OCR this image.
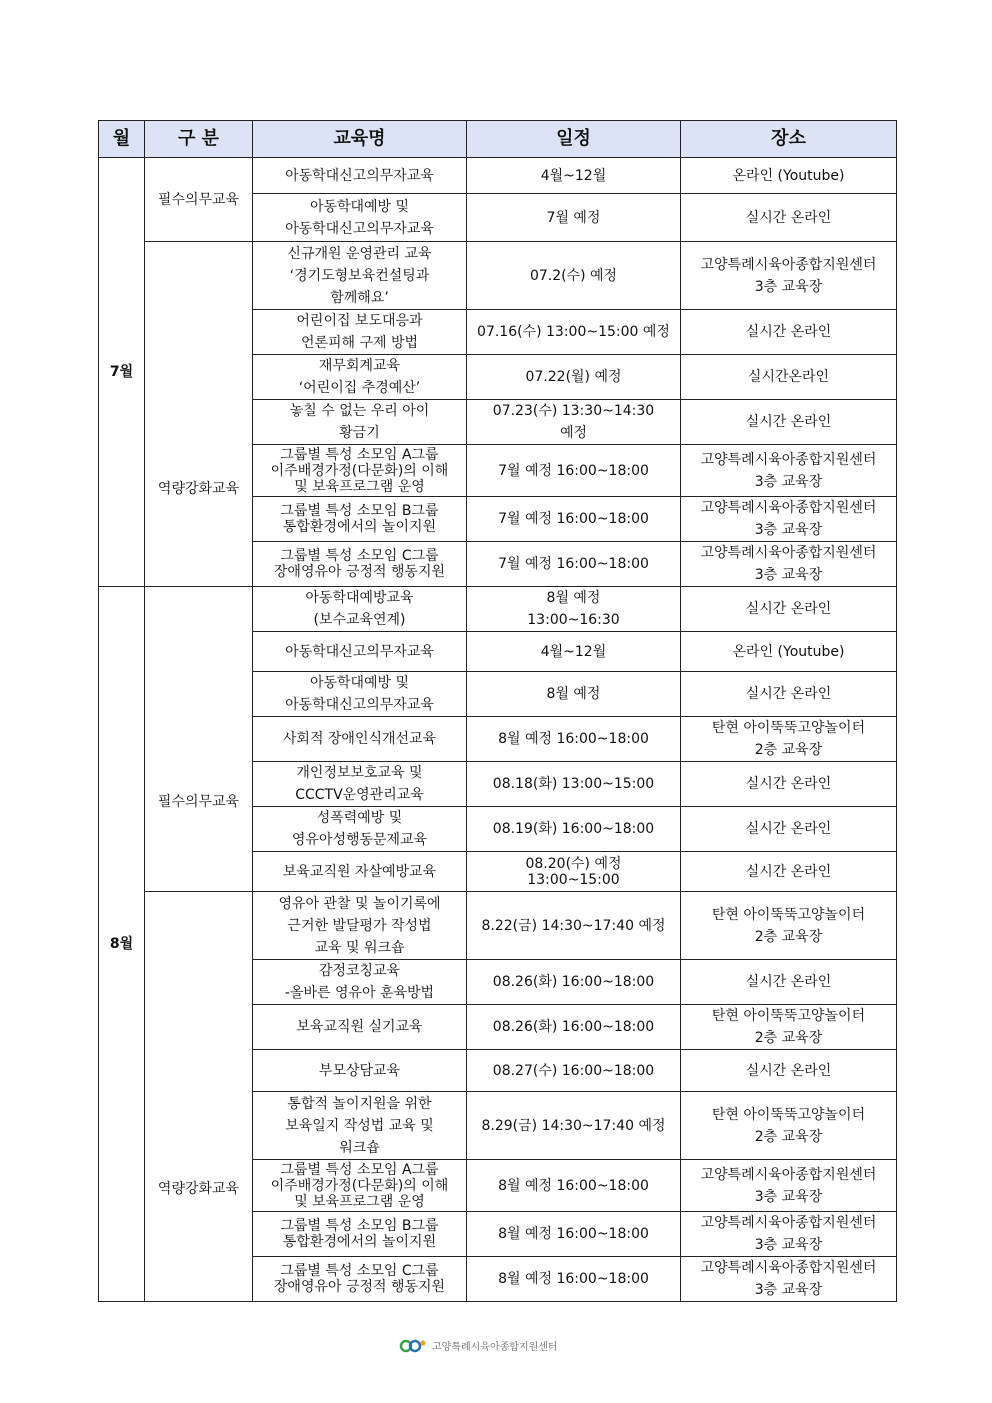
월	구 분	교육명	일정	장소
7월	필수의무교육	아동학대신고의무자교육	4월~12월	온라인 (Youtube)

		아동학대예방 및
아동학대신고의무자교육	7월 예정	실시간 온라인

	역량강화교육	신규개원 운영관리 교육
‘경기도형보육컨설팅과
함께해요’	07.2(수) 예정	고양특례시육아종합지원센터
3층 교육장

		어린이집 보도대응과
언론피해 구제 방법	07.16(수) 13:00~15:00 예정	실시간 온라인

		재무회계교육
‘어린이집 추경예산’	07.22(월) 예정	실시간온라인

		놓칠 수 없는 우리 아이
황금기	07.23(수) 13:30~14:30
예정	실시간 온라인

		그룹별 특성 소모임 A그룹
이주배경가정(다문화)의 이해
및 보육프로그램 운영	7월 예정 16:00~18:00	고양특례시육아종합지원센터
3층 교육장

		그룹별 특성 소모임 B그룹
통합환경에서의 놀이지원	7월 예정 16:00~18:00	고양특례시육아종합지원센터
3층 교육장

		그룹별 특성 소모임 C그룹
장애영유아 긍정적 행동지원	7월 예정 16:00~18:00	고양특례시육아종합지원센터
3층 교육장

8월	필수의무교육	아동학대예방교육
(보수교육연계)	8월 예정
13:00~16:30	실시간 온라인

		아동학대신고의무자교육	4월~12월	온라인 (Youtube)

		아동학대예방 및
아동학대신고의무자교육	8월 예정	실시간 온라인

		사회적 장애인식개선교육	8월 예정 16:00~18:00	탄현 아이뚝뚝고양놀이터
2층 교육장

		개인정보보호교육 및
CCCTV운영관리교육	08.18(화) 13:00~15:00	실시간 온라인

		성폭력예방 및
영유아성행동문제교육	08.19(화) 16:00~18:00	실시간 온라인

		보육교직원 자살예방교육	08.20(수) 예정
13:00~15:00	실시간 온라인

	역량강화교육	영유아 관찰 및 놀이기록에
근거한 발달평가 작성법
교육 및 워크숍	8.22(금) 14:30~17:40 예정	탄현 아이뚝뚝고양놀이터
2층 교육장

		감정코칭교육
-올바른 영유아 훈육방법	08.26(화) 16:00~18:00	실시간 온라인

		보육교직원 실기교육	08.26(화) 16:00~18:00	탄현 아이뚝뚝고양놀이터
2층 교육장

		부모상담교육	08.27(수) 16:00~18:00	실시간 온라인

		통합적 놀이지원을 위한
보육일지 작성법 교육 및
워크숍	8.29(금) 14:30~17:40 예정	탄현 아이뚝뚝고양놀이터
2층 교육장

		그룹별 특성 소모임 A그룹
이주배경가정(다문화)의 이해
및 보육프로그램 운영	8월 예정 16:00~18:00	고양특례시육아종합지원센터
3층 교육장

		그룹별 특성 소모임 B그룹
통합환경에서의 놀이지원	8월 예정 16:00~18:00	고양특례시육아종합지원센터
3층 교육장

		그룹별 특성 소모임 C그룹
장애영유아 긍정적 행동지원	8월 예정 16:00~18:00	고양특례시육아종합지원센터
3층 교육장
고양특례시육아종합지원센터
